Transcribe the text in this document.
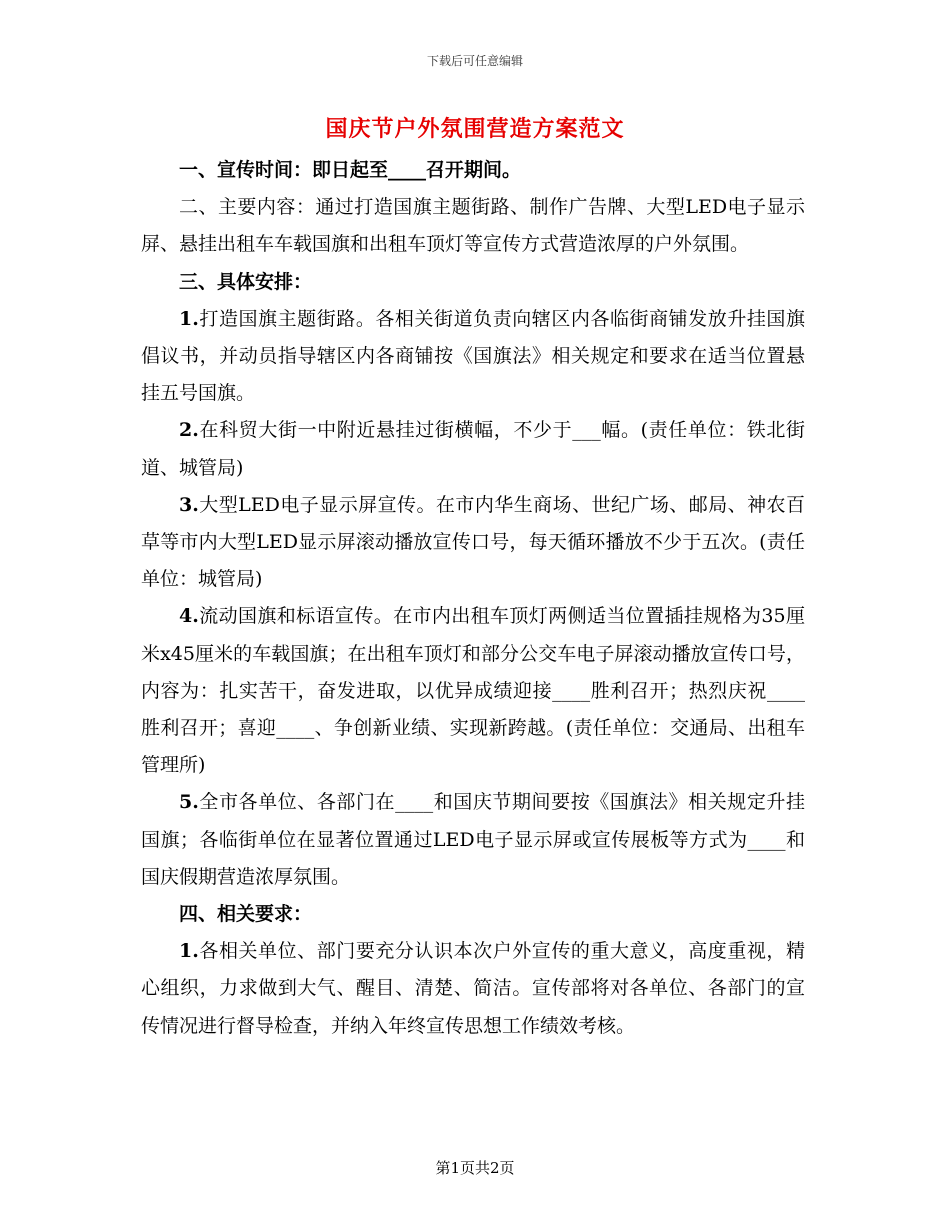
下载后可任意编辑
国庆节户外氛围营造方案范文

一、宣传时间：即日起至____召开期间。

二、主要内容：通过打造国旗主题街路、制作广告牌、大型LED电子显示屏、悬挂出租车车载国旗和出租车顶灯等宣传方式营造浓厚的户外氛围。

三、具体安排：

1.打造国旗主题街路。各相关街道负责向辖区内各临街商铺发放升挂国旗倡议书，并动员指导辖区内各商铺按《国旗法》相关规定和要求在适当位置悬挂五号国旗。

2.在科贸大街一中附近悬挂过街横幅，不少于___幅。(责任单位：铁北街道、城管局)

3.大型LED电子显示屏宣传。在市内华生商场、世纪广场、邮局、神农百草等市内大型LED显示屏滚动播放宣传口号，每天循环播放不少于五次。(责任单位：城管局)

4.流动国旗和标语宣传。在市内出租车顶灯两侧适当位置插挂规格为35厘米x45厘米的车载国旗；在出租车顶灯和部分公交车电子屏滚动播放宣传口号，内容为：扎实苦干，奋发进取，以优异成绩迎接____胜利召开；热烈庆祝____胜利召开；喜迎____、争创新业绩、实现新跨越。(责任单位：交通局、出租车管理所)

5.全市各单位、各部门在____和国庆节期间要按《国旗法》相关规定升挂国旗；各临街单位在显著位置通过LED电子显示屏或宣传展板等方式为____和国庆假期营造浓厚氛围。

四、相关要求：

1.各相关单位、部门要充分认识本次户外宣传的重大意义，高度重视，精心组织，力求做到大气、醒目、清楚、简洁。宣传部将对各单位、各部门的宣传情况进行督导检查，并纳入年终宣传思想工作绩效考核。

第1页共2页
